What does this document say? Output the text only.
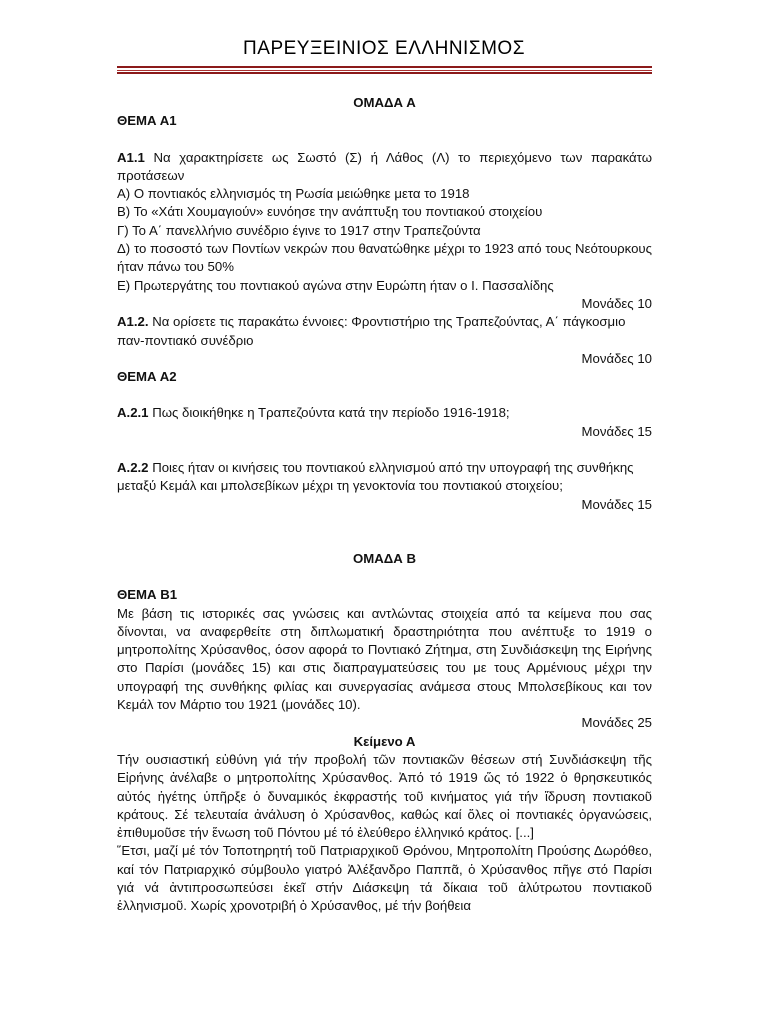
ΠΑΡΕΥΞΕΙΝΙΟΣ ΕΛΛΗΝΙΣΜΟΣ

ΟΜΑΔΑ Α

ΘΕΜΑ Α1

Α1.1 Να χαρακτηρίσετε ως Σωστό (Σ) ή Λάθος (Λ) το περιεχόμενο των παρακάτω προτάσεων

Α) Ο ποντιακός ελληνισμός τη Ρωσία μειώθηκε μετα το 1918

Β) Το «Χάτι Χουμαγιούν» ευνόησε την ανάπτυξη του ποντιακού στοιχείου

Γ) Το Α΄ πανελλήνιο συνέδριο έγινε το 1917 στην Τραπεζούντα

Δ) το ποσοστό των Ποντίων νεκρών που θανατώθηκε μέχρι το 1923 από τους Νεότουρκους ήταν πάνω του 50%

Ε) Πρωτεργάτης του ποντιακού αγώνα στην Ευρώπη ήταν ο Ι. Πασσαλίδης

Μονάδες 10

Α1.2. Να ορίσετε τις παρακάτω έννοιες: Φροντιστήριο της Τραπεζούντας, Α΄ πάγκοσμιο παν-ποντιακό συνέδριο

Μονάδες 10

ΘΕΜΑ Α2

Α.2.1 Πως διοικήθηκε η Τραπεζούντα κατά την περίοδο 1916-1918;

Μονάδες 15

Α.2.2 Ποιες ήταν οι κινήσεις του ποντιακού ελληνισμού από την υπογραφή της συνθήκης μεταξύ Κεμάλ και μπολσεβίκων μέχρι τη γενοκτονία του ποντιακού στοιχείου;

Μονάδες 15

ΟΜΑΔΑ Β

ΘΕΜΑ Β1

Με βάση τις ιστορικές σας γνώσεις και αντλώντας στοιχεία από τα κείμενα που σας δίνονται, να αναφερθείτε στη διπλωματική δραστηριότητα που ανέπτυξε το 1919 ο μητροπολίτης Χρύσανθος, όσον αφορά το Ποντιακό Ζήτημα, στη Συνδιάσκεψη της Ειρήνης στο Παρίσι (μονάδες 15) και στις διαπραγματεύσεις του με τους Αρμένιους μέχρι την υπογραφή της συνθήκης φιλίας και συνεργασίας ανάμεσα στους Μπολσεβίκους και τον Κεμάλ τον Μάρτιο του 1921 (μονάδες 10).

Μονάδες 25

Κείμενο Α

Τήν ουσιαστική εὐθύνη γιά τήν προβολή τῶν ποντιακῶν θέσεων στή Συνδιάσκεψη τῆς Εἰρήνης ἀνέλαβε ο μητροπολίτης Χρύσανθος. Ἀπό τό 1919 ὥς τό 1922 ὁ θρησκευτικός αὐτός ἡγέτης ὑπῆρξε ὁ δυναμικός ἐκφραστής τοῦ κινήματος γιά τήν ἵδρυση ποντιακοῦ κράτους. Σέ τελευταία ἀνάλυση ὁ Χρύσανθος, καθώς καί ὅλες οἱ ποντιακές ὀργανώσεις, ἐπιθυμοῦσε τήν ἕνωση τοῦ Πόντου μέ τό ἐλεύθερο ἑλληνικό κράτος. [...]

῞Ετσι, μαζί μέ τόν Τοποτηρητή τοῦ Πατριαρχικοῦ Θρόνου, Μητροπολίτη Προύσης Δωρόθεο, καί τόν Πατριαρχικό σύμβουλο γιατρό Ἀλέξανδρο Παππᾶ, ὁ Χρύσανθος πῆγε στό Παρίσι γιά νά ἀντιπροσωπεύσει ἐκεῖ στήν Διάσκεψη τά δίκαια τοῦ ἀλύτρωτου ποντιακοῦ ἑλληνισμοῦ. Χωρίς χρονοτριβή ὁ Χρύσανθος, μέ τήν βοήθεια
